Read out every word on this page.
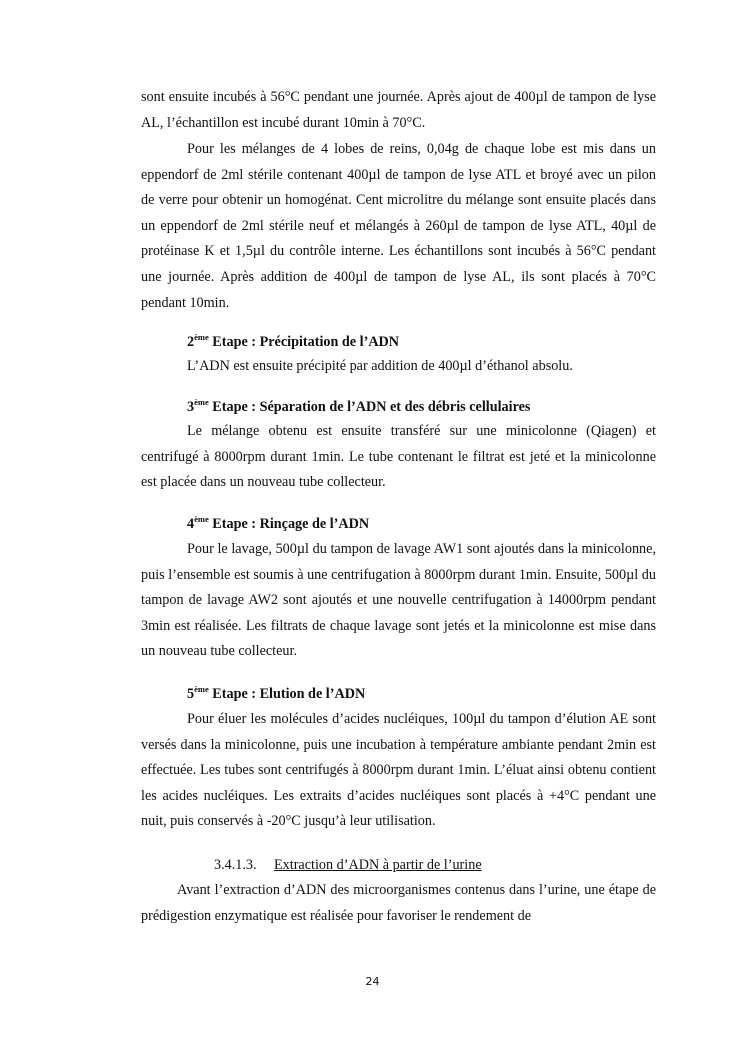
sont ensuite incubés à 56°C pendant une journée. Après ajout de 400µl de tampon de lyse AL, l’échantillon est incubé durant 10min à 70°C.

Pour les mélanges de 4 lobes de reins, 0,04g de chaque lobe est mis dans un eppendorf de 2ml stérile contenant 400µl de tampon de lyse ATL et broyé avec un pilon de verre pour obtenir un homogénat. Cent microlitre du mélange sont ensuite placés dans un eppendorf de 2ml stérile neuf et mélangés à 260µl de tampon de lyse ATL, 40µl de protéinase K et 1,5µl du contrôle interne. Les échantillons sont incubés à 56°C pendant une journée. Après addition de 400µl de tampon de lyse AL, ils sont placés à 70°C pendant 10min.

2ème Etape : Précipitation de l’ADN

L’ADN est ensuite précipité par addition de 400µl d’éthanol absolu.

3ème Etape : Séparation de l’ADN et des débris cellulaires

Le mélange obtenu est ensuite transféré sur une minicolonne (Qiagen) et centrifugé à 8000rpm durant 1min. Le tube contenant le filtrat est jeté et la minicolonne est placée dans un nouveau tube collecteur.

4ème Etape : Rinçage de l’ADN

Pour le lavage, 500µl du tampon de lavage AW1 sont ajoutés dans la minicolonne, puis l’ensemble est soumis à une centrifugation à 8000rpm durant 1min. Ensuite, 500µl du tampon de lavage AW2 sont ajoutés et une nouvelle centrifugation à 14000rpm pendant 3min est réalisée. Les filtrats de chaque lavage sont jetés et la minicolonne est mise dans un nouveau tube collecteur.

5ème Etape : Elution de l’ADN

Pour éluer les molécules d’acides nucléiques, 100µl du tampon d’élution AE sont versés dans la minicolonne, puis une incubation à température ambiante pendant 2min est effectuée. Les tubes sont centrifugés à 8000rpm durant 1min. L’éluat ainsi obtenu contient les acides nucléiques. Les extraits d’acides nucléiques sont placés à +4°C pendant une nuit, puis conservés à -20°C jusqu’à leur utilisation.

3.4.1.3. Extraction d’ADN à partir de l’urine

Avant l’extraction d’ADN des microorganismes contenus dans l’urine, une étape de prédigestion enzymatique est réalisée pour favoriser le rendement de

24
